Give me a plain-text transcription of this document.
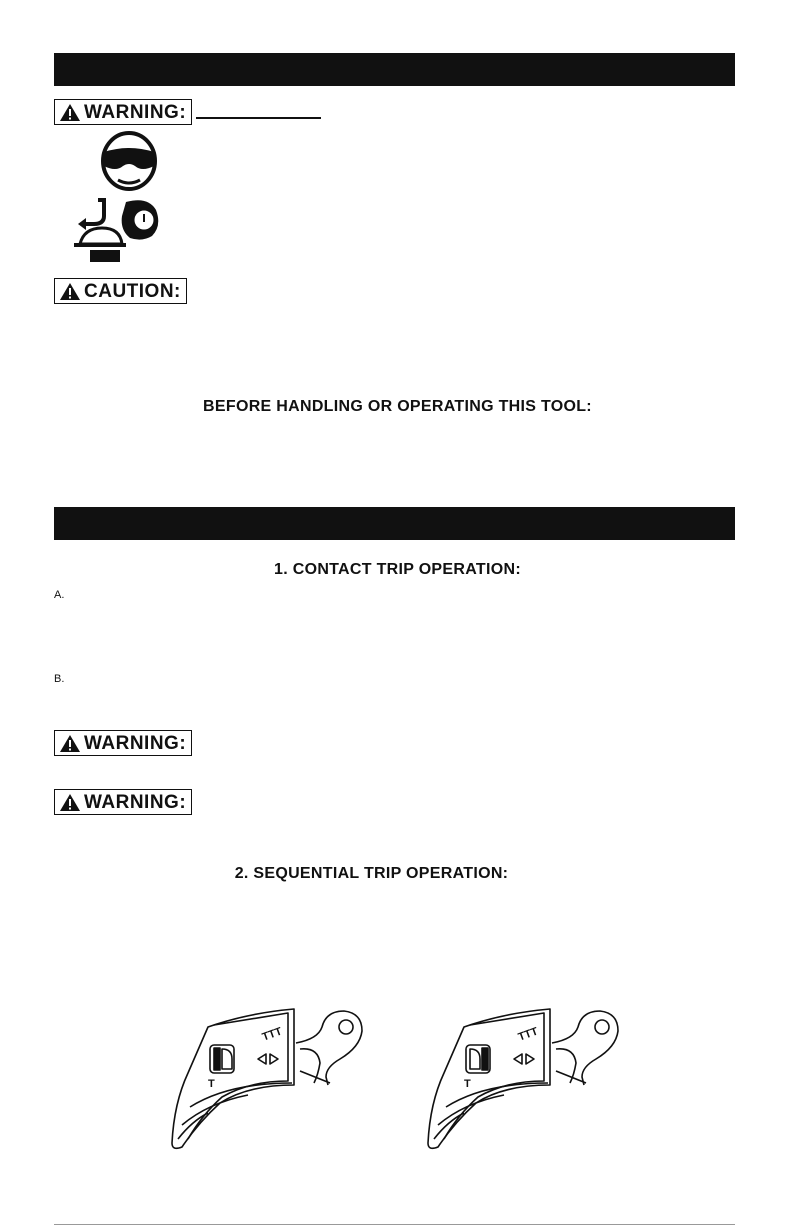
WARNING:
CAUTION:
BEFORE HANDLING OR OPERATING THIS TOOL:
1. CONTACT TRIP OPERATION:
A.
B.
WARNING:
WARNING:
2. SEQUENTIAL TRIP OPERATION:
TTT
T
TTT
T
